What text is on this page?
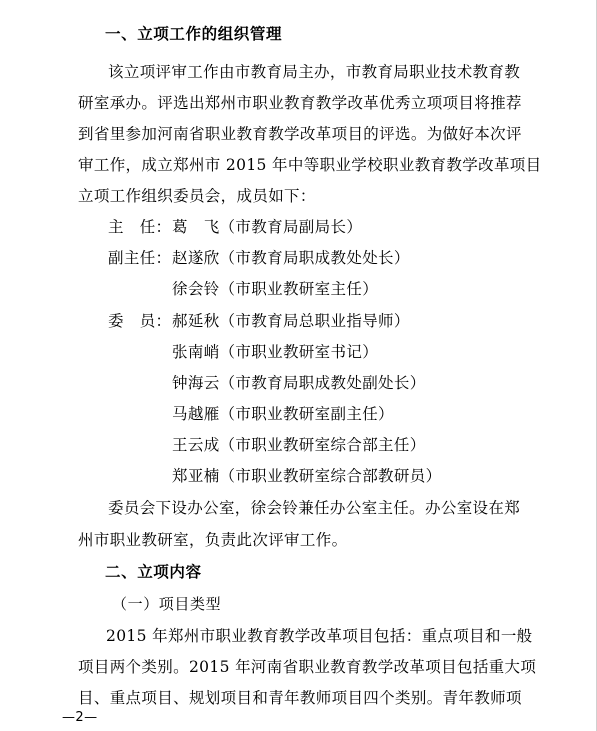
一、立项工作的组织管理
该立项评审工作由市教育局主办，市教育局职业技术教育教
研室承办。评选出郑州市职业教育教学改革优秀立项项目将推荐
到省里参加河南省职业教育教学改革项目的评选。为做好本次评
审工作，成立郑州市 2015 年中等职业学校职业教育教学改革项目
立项工作组织委员会，成员如下：
主　任： 葛　飞（市教育局副局长）
副主任： 赵遂欣（市教育局职成教处处长）
徐会铃（市职业教研室主任）
委　员： 郝延秋（市教育局总职业指导师）
张南峭（市职业教研室书记）
钟海云（市教育局职成教处副处长）
马越雁（市职业教研室副主任）
王云成（市职业教研室综合部主任）
郑亚楠（市职业教研室综合部教研员）
委员会下设办公室，徐会铃兼任办公室主任。办公室设在郑
州市职业教研室，负责此次评审工作。
二、立项内容
（一）项目类型
2015 年郑州市职业教育教学改革项目包括：重点项目和一般
项目两个类别。2015 年河南省职业教育教学改革项目包括重大项
目、重点项目、规划项目和青年教师项目四个类别。青年教师项
—2—
